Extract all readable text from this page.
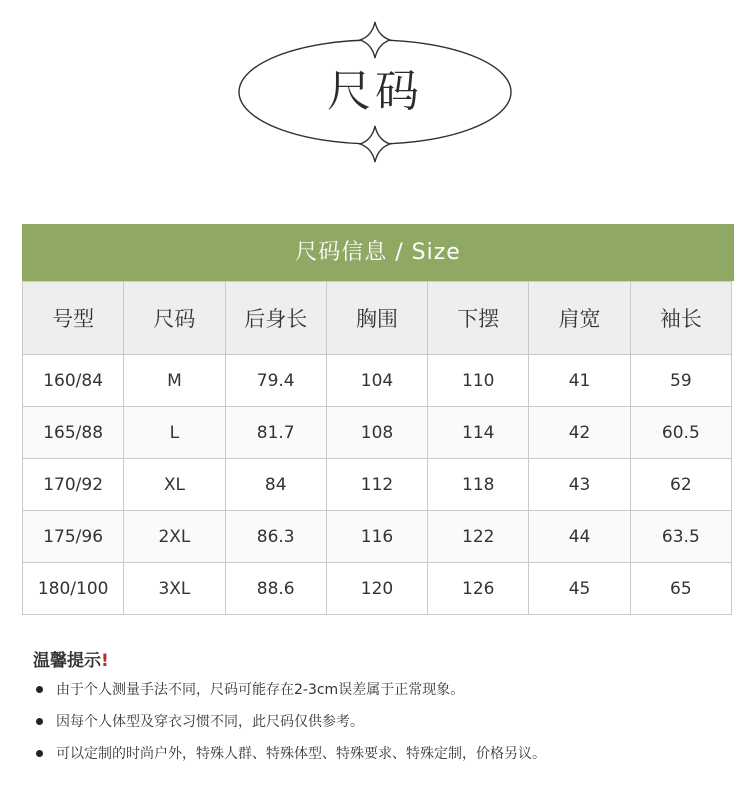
尺码
尺码信息 / Size
号型	尺码	后身长	胸围	下摆	肩宽	袖长
160/84	M	79.4	104	110	41	59
165/88	L	81.7	108	114	42	60.5
170/92	XL	84	112	118	43	62
175/96	2XL	86.3	116	122	44	63.5
180/100	3XL	88.6	120	126	45	65
温馨提示!
由于个人测量手法不同，尺码可能存在2-3cm误差属于正常现象。
因每个人体型及穿衣习惯不同，此尺码仅供参考。
可以定制的时尚户外，特殊人群、特殊体型、特殊要求、特殊定制，价格另议。
